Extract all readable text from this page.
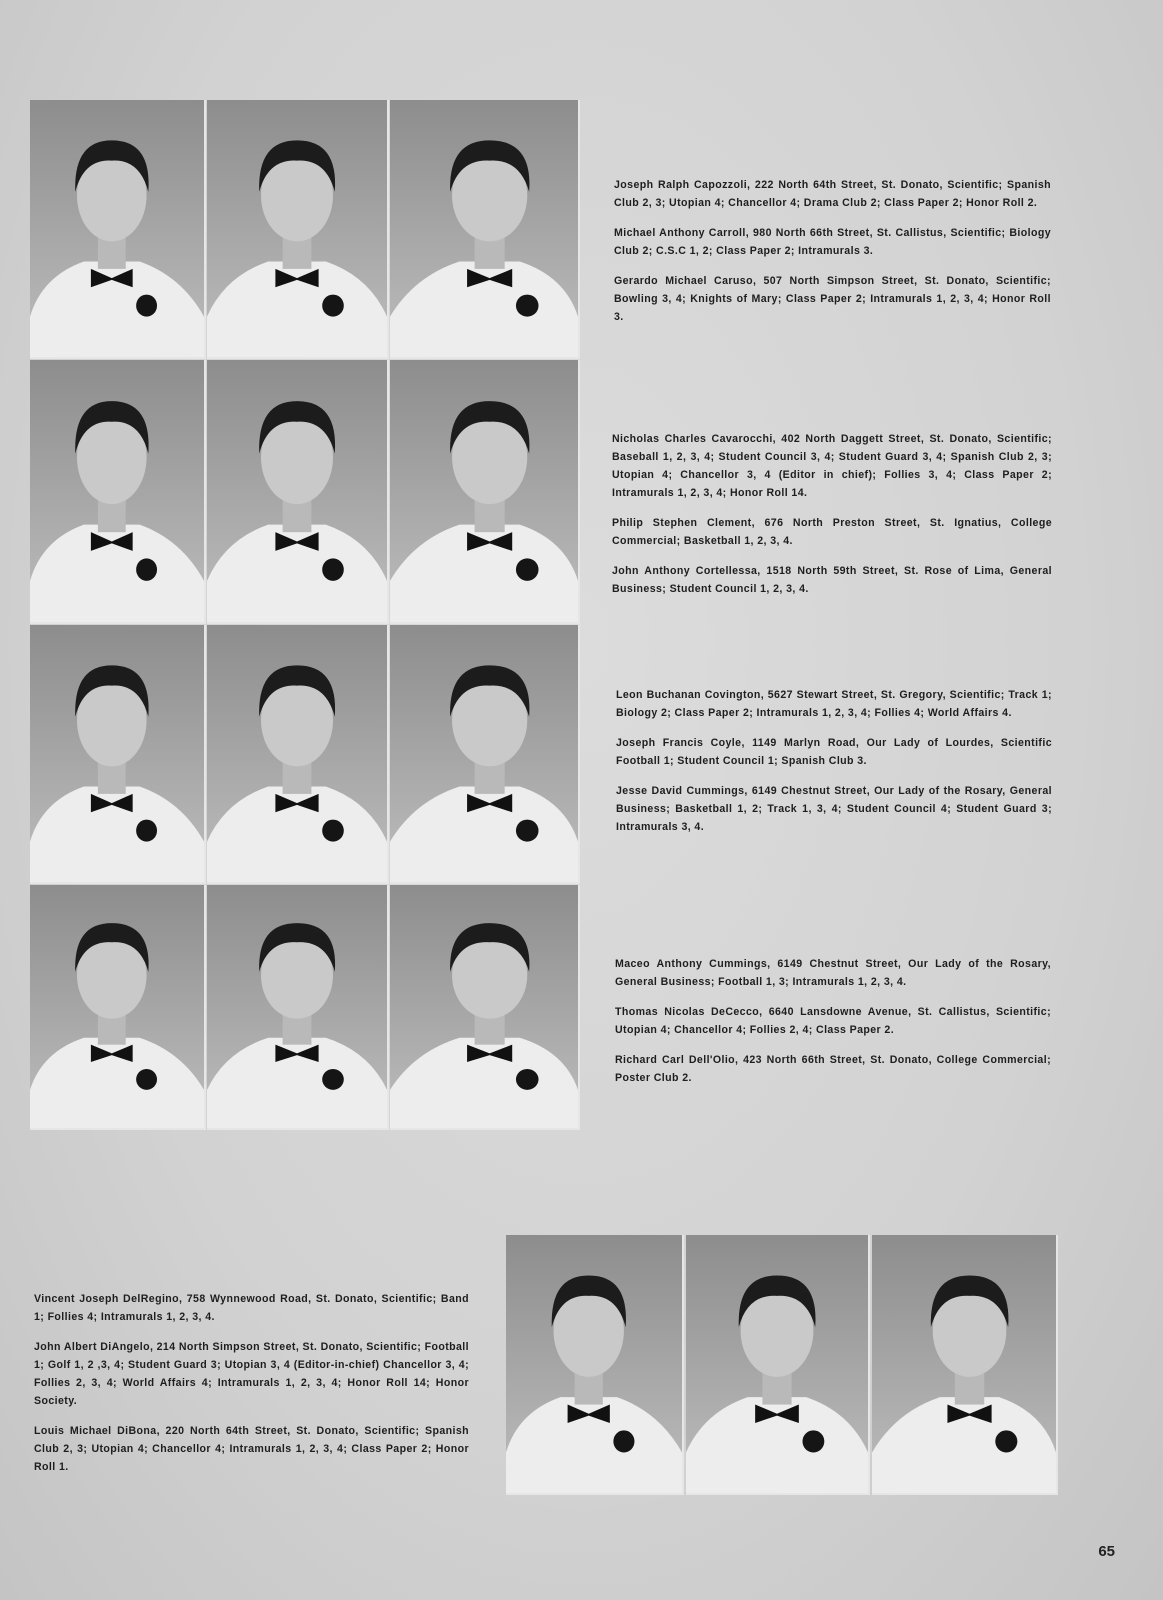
Joseph Ralph Capozzoli, 222 North 64th Street, St. Donato, Scientific; Spanish Club 2, 3; Utopian 4; Chancellor 4; Drama Club 2; Class Paper 2; Honor Roll 2.

Michael Anthony Carroll, 980 North 66th Street, St. Callistus, Scientific; Biology Club 2; C.S.C 1, 2; Class Paper 2; Intramurals 3.

Gerardo Michael Caruso, 507 North Simpson Street, St. Donato, Scientific; Bowling 3, 4; Knights of Mary; Class Paper 2; Intramurals 1, 2, 3, 4; Honor Roll 3.

Nicholas Charles Cavarocchi, 402 North Daggett Street, St. Donato, Scientific; Baseball 1, 2, 3, 4; Student Council 3, 4; Student Guard 3, 4; Spanish Club 2, 3; Utopian 4; Chancellor 3, 4 (Editor in chief); Follies 3, 4; Class Paper 2; Intramurals 1, 2, 3, 4; Honor Roll 14.

Philip Stephen Clement, 676 North Preston Street, St. Ignatius, College Commercial; Basketball 1, 2, 3, 4.

John Anthony Cortellessa, 1518 North 59th Street, St. Rose of Lima, General Business; Student Council 1, 2, 3, 4.

Leon Buchanan Covington, 5627 Stewart Street, St. Gregory, Scientific; Track 1; Biology 2; Class Paper 2; Intramurals 1, 2, 3, 4; Follies 4; World Affairs 4.

Joseph Francis Coyle, 1149 Marlyn Road, Our Lady of Lourdes, Scientific Football 1; Student Council 1; Spanish Club 3.

Jesse David Cummings, 6149 Chestnut Street, Our Lady of the Rosary, General Business; Basketball 1, 2; Track 1, 3, 4; Student Council 4; Student Guard 3; Intramurals 3, 4.

Maceo Anthony Cummings, 6149 Chestnut Street, Our Lady of the Rosary, General Business; Football 1, 3; Intramurals 1, 2, 3, 4.

Thomas Nicolas DeCecco, 6640 Lansdowne Avenue, St. Callistus, Scientific; Utopian 4; Chancellor 4; Follies 2, 4; Class Paper 2.

Richard Carl Dell'Olio, 423 North 66th Street, St. Donato, College Commercial; Poster Club 2.

Vincent Joseph DelRegino, 758 Wynnewood Road, St. Donato, Scientific; Band 1; Follies 4; Intramurals 1, 2, 3, 4.

John Albert DiAngelo, 214 North Simpson Street, St. Donato, Scientific; Football 1; Golf 1, 2 ,3, 4; Student Guard 3; Utopian 3, 4 (Editor-in-chief) Chancellor 3, 4; Follies 2, 3, 4; World Affairs 4; Intramurals 1, 2, 3, 4; Honor Roll 14; Honor Society.

Louis Michael DiBona, 220 North 64th Street, St. Donato, Scientific; Spanish Club 2, 3; Utopian 4; Chancellor 4; Intramurals 1, 2, 3, 4; Class Paper 2; Honor Roll 1.

65
